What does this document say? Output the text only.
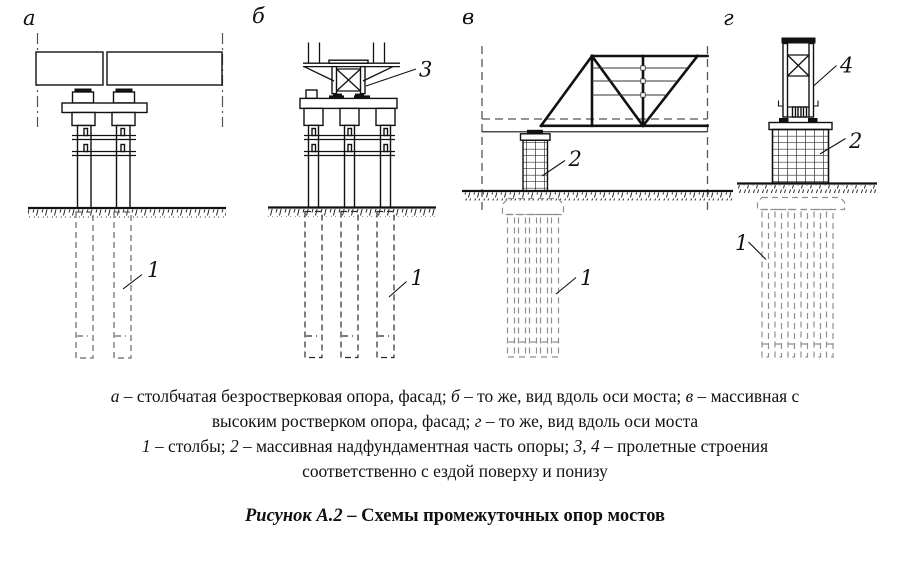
а
1
б
3
1
в
2
1
г
4
2
1

а – столбчатая безростверковая опора, фасад; б – то же, вид вдоль оси моста; в – массивная с
высоким ростверком опора, фасад; г – то же, вид вдоль оси моста

1 – столбы; 2 – массивная надфундаментная часть опоры; 3, 4 – пролетные строения
соответственно с ездой поверху и понизу

Рисунок А.2 – Схемы промежуточных опор мостов
